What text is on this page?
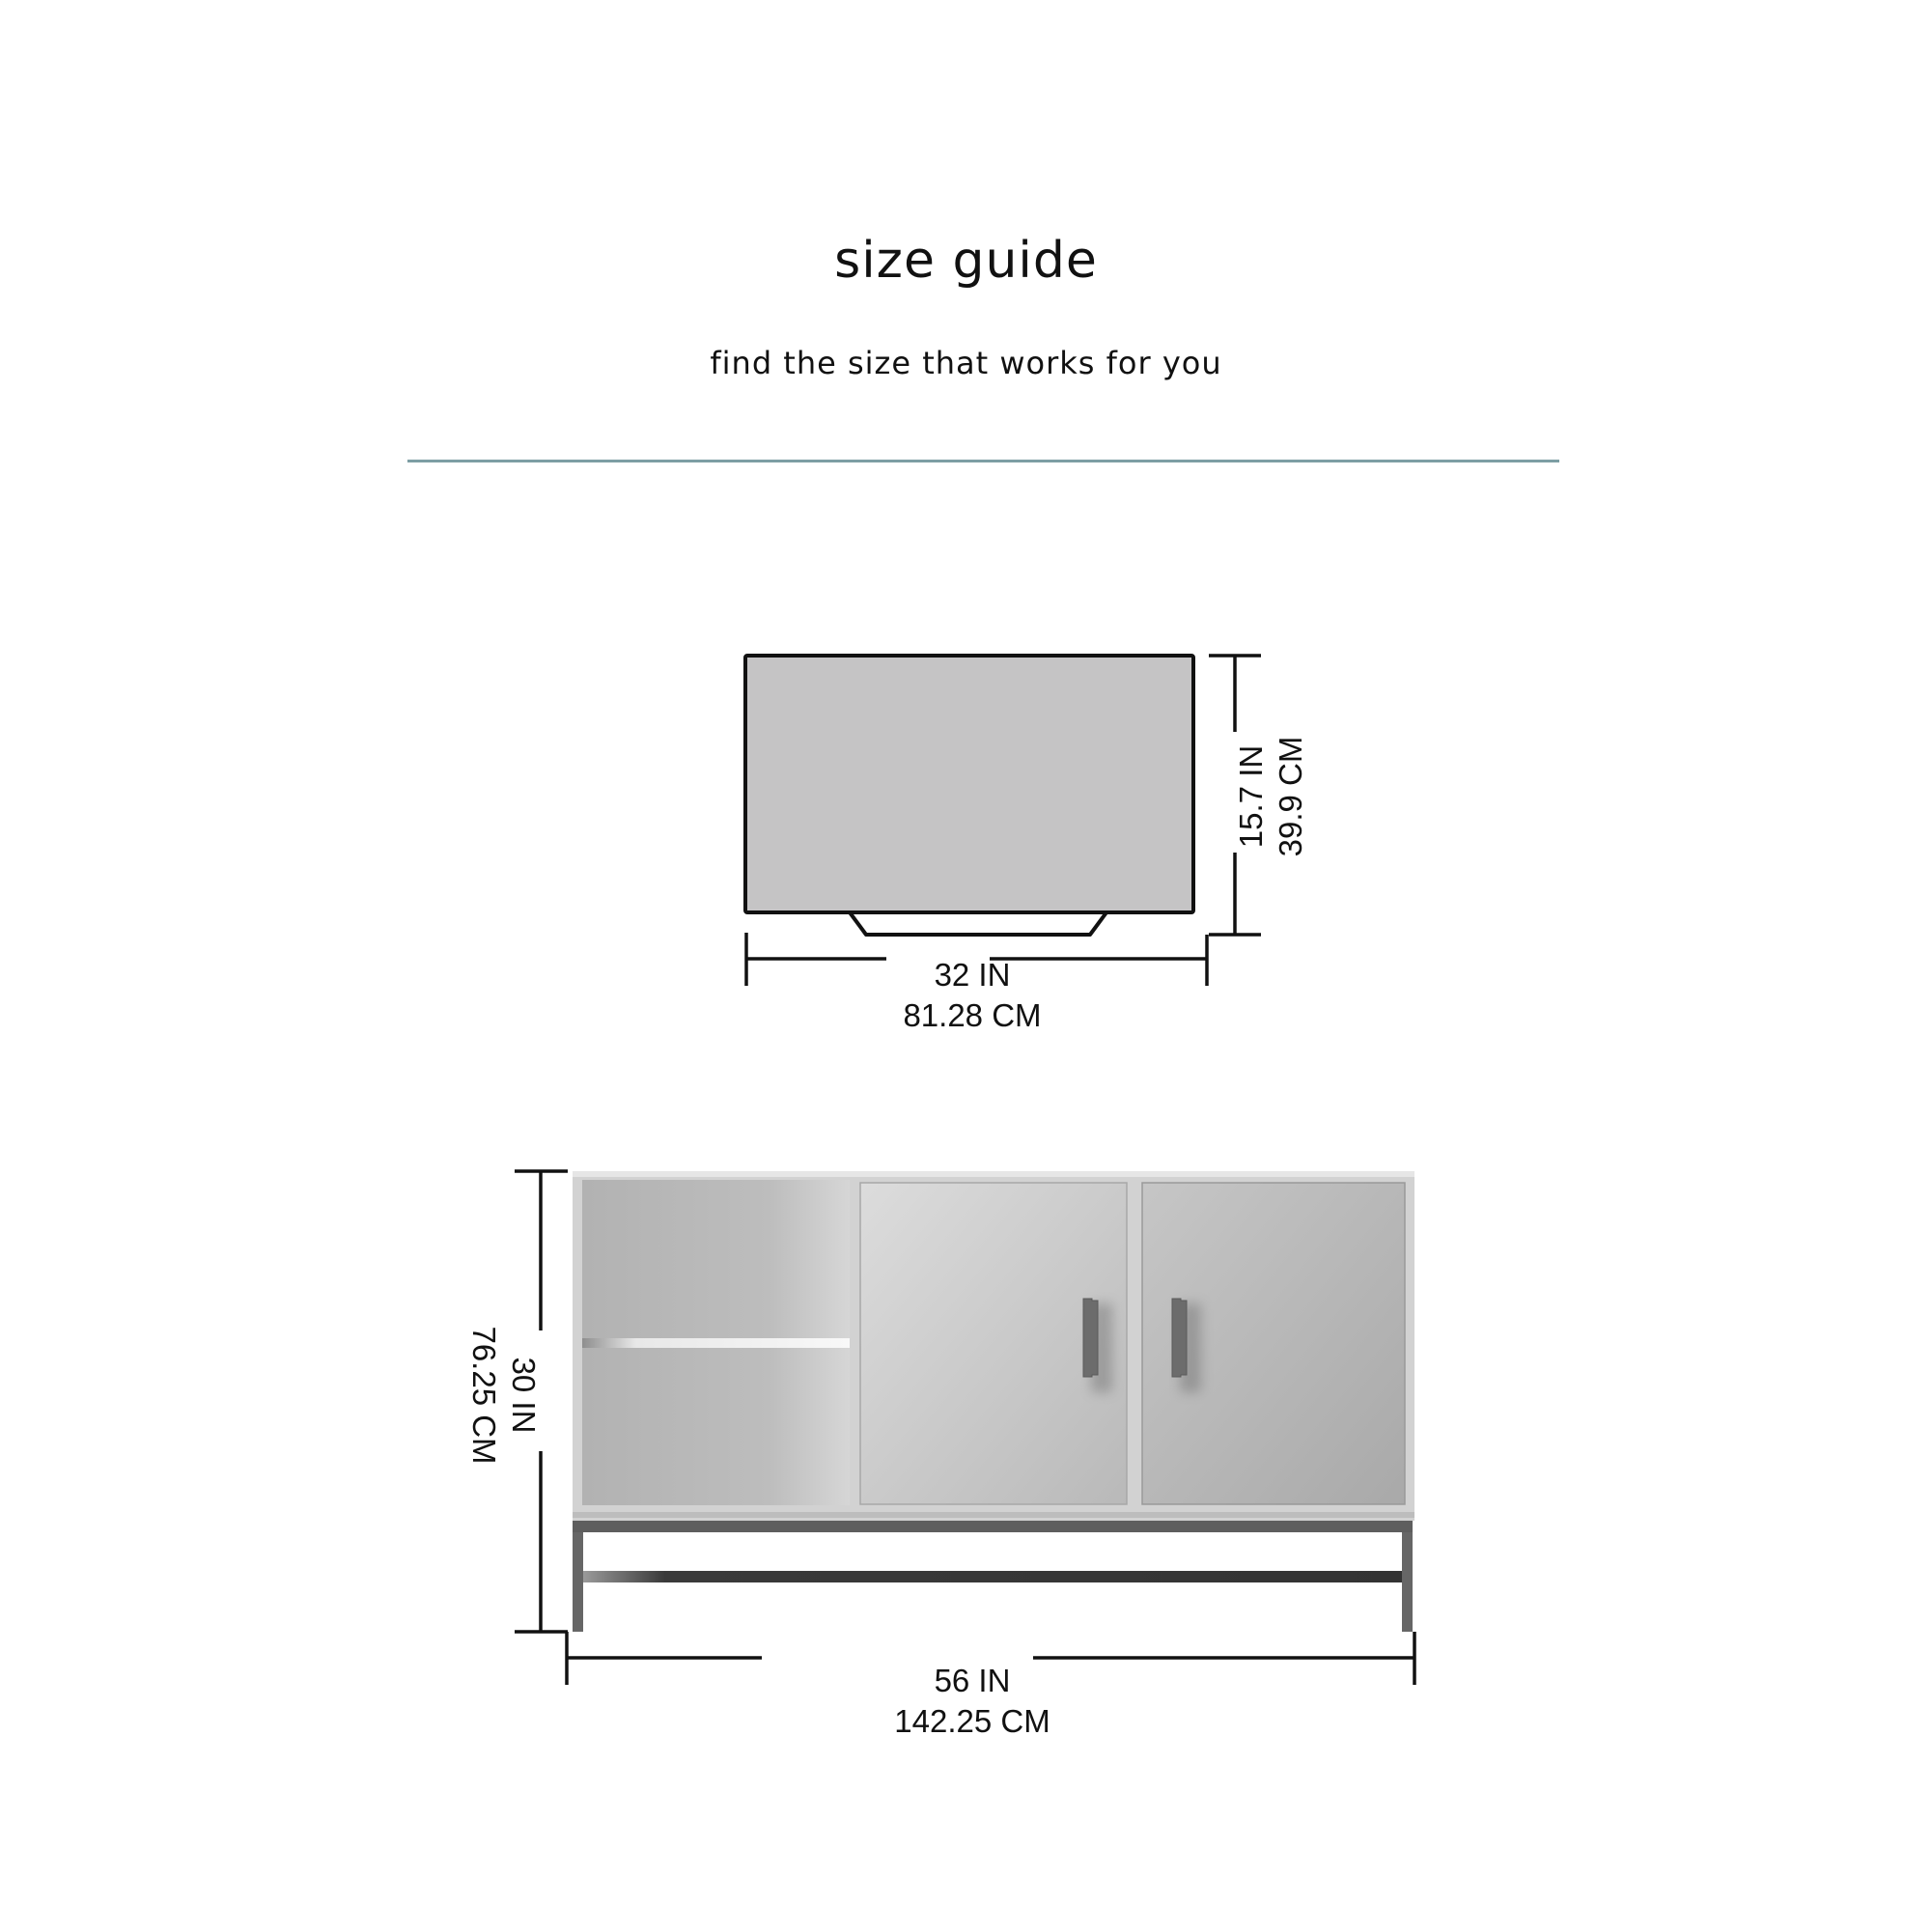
size guide
find the size that works for you
15.7 IN 39.9 CM
32 IN
81.28 CM
30 IN
76.25 CM
56 IN
142.25 CM
